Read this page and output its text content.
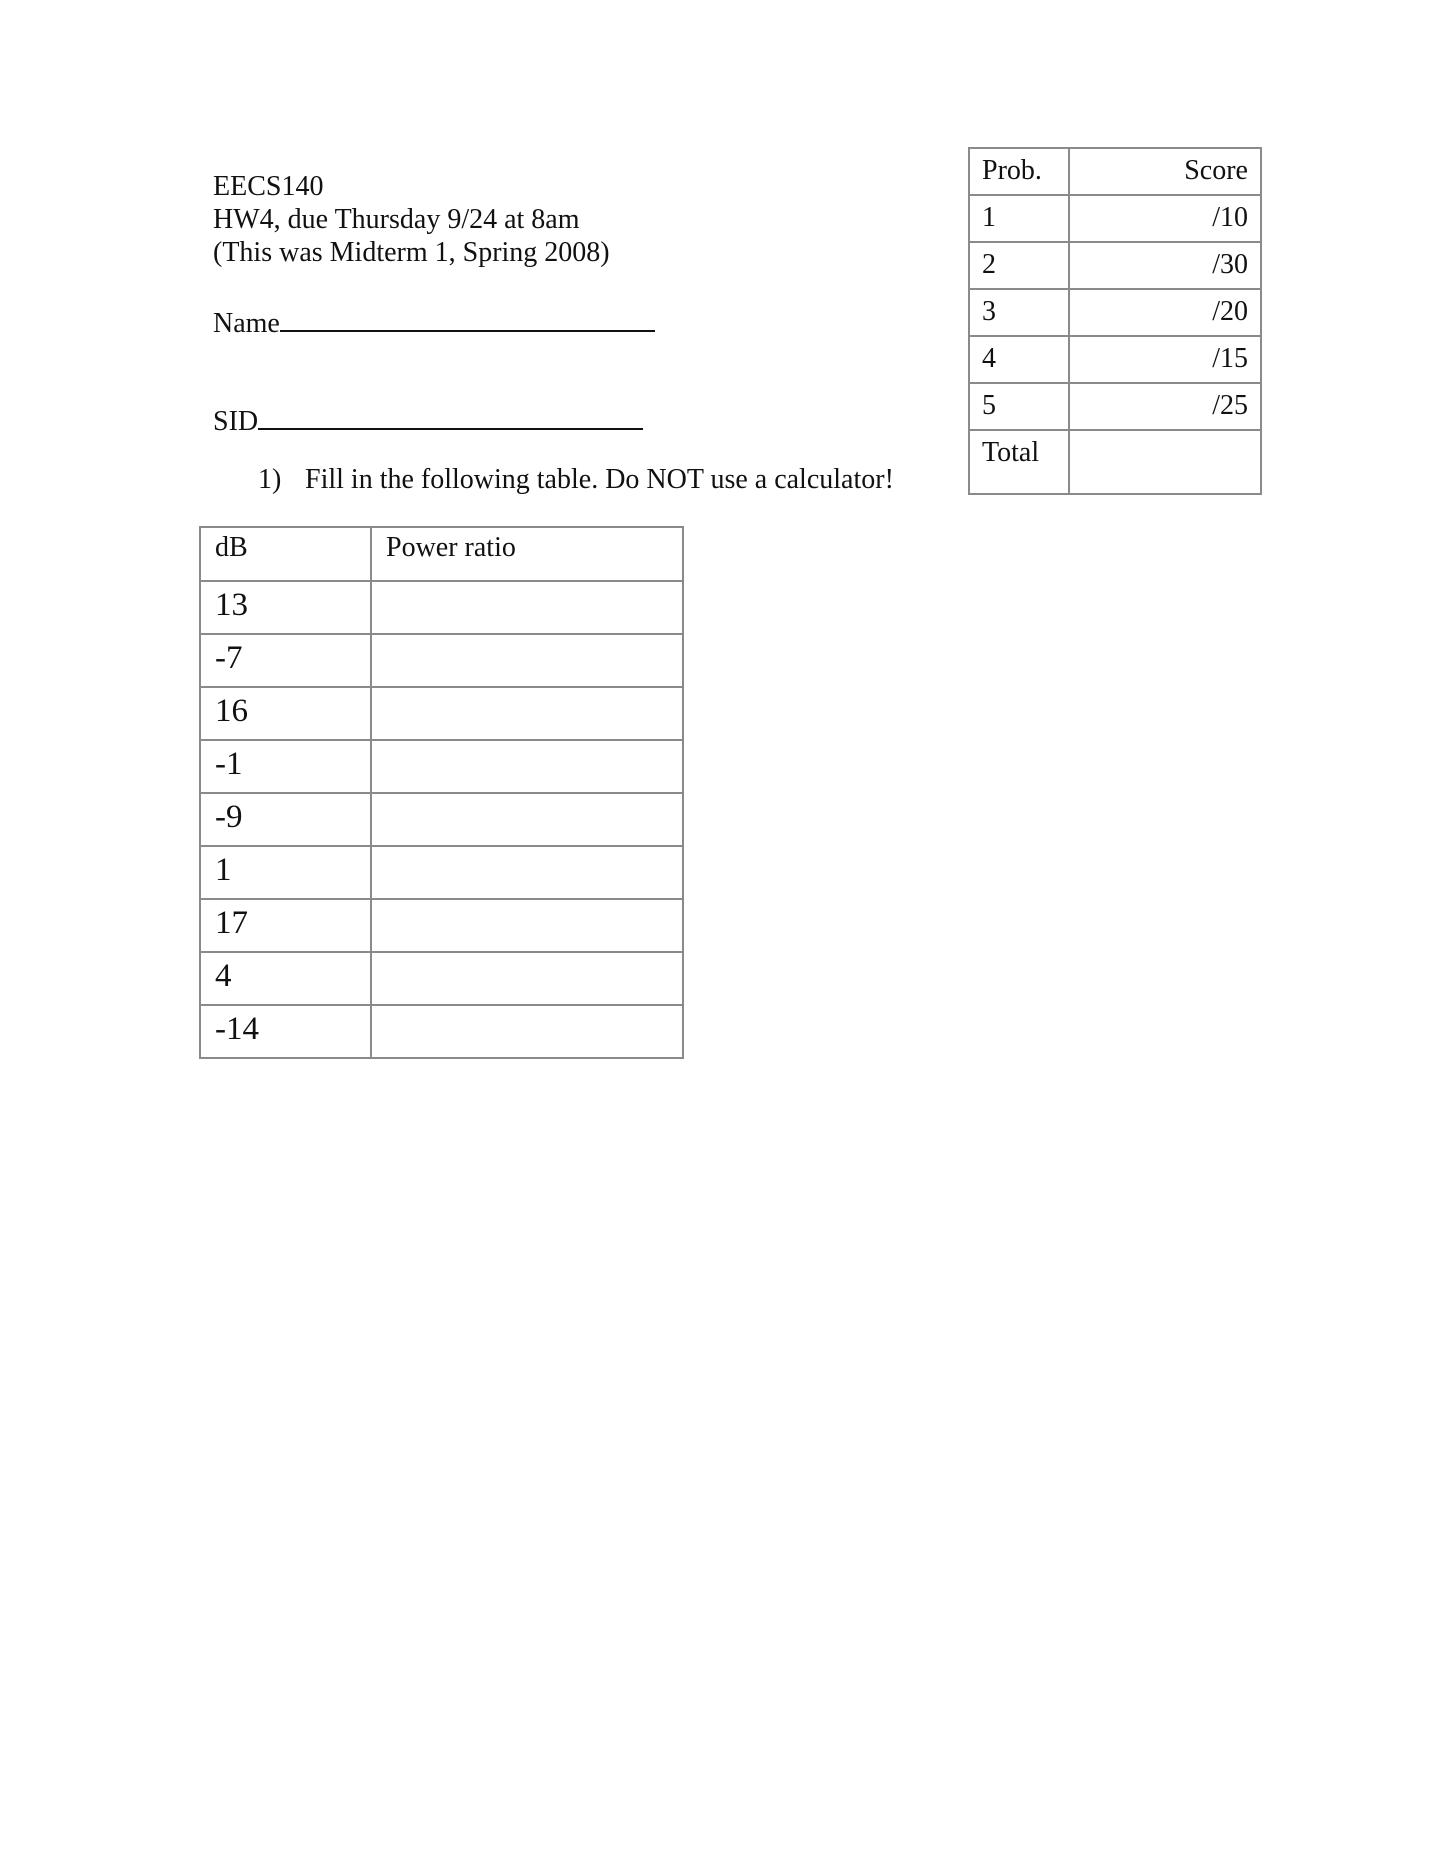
EECS140
HW4, due Thursday 9/24 at 8am
(This was Midterm 1, Spring 2008)
Name
SID
1) Fill in the following table. Do NOT use a calculator!
Prob.	Score
1	/10
2	/30
3	/20
4	/15
5	/25
Total	
dB	Power ratio
13	
-7	
16	
-1	
-9	
1	
17	
4	
-14	
